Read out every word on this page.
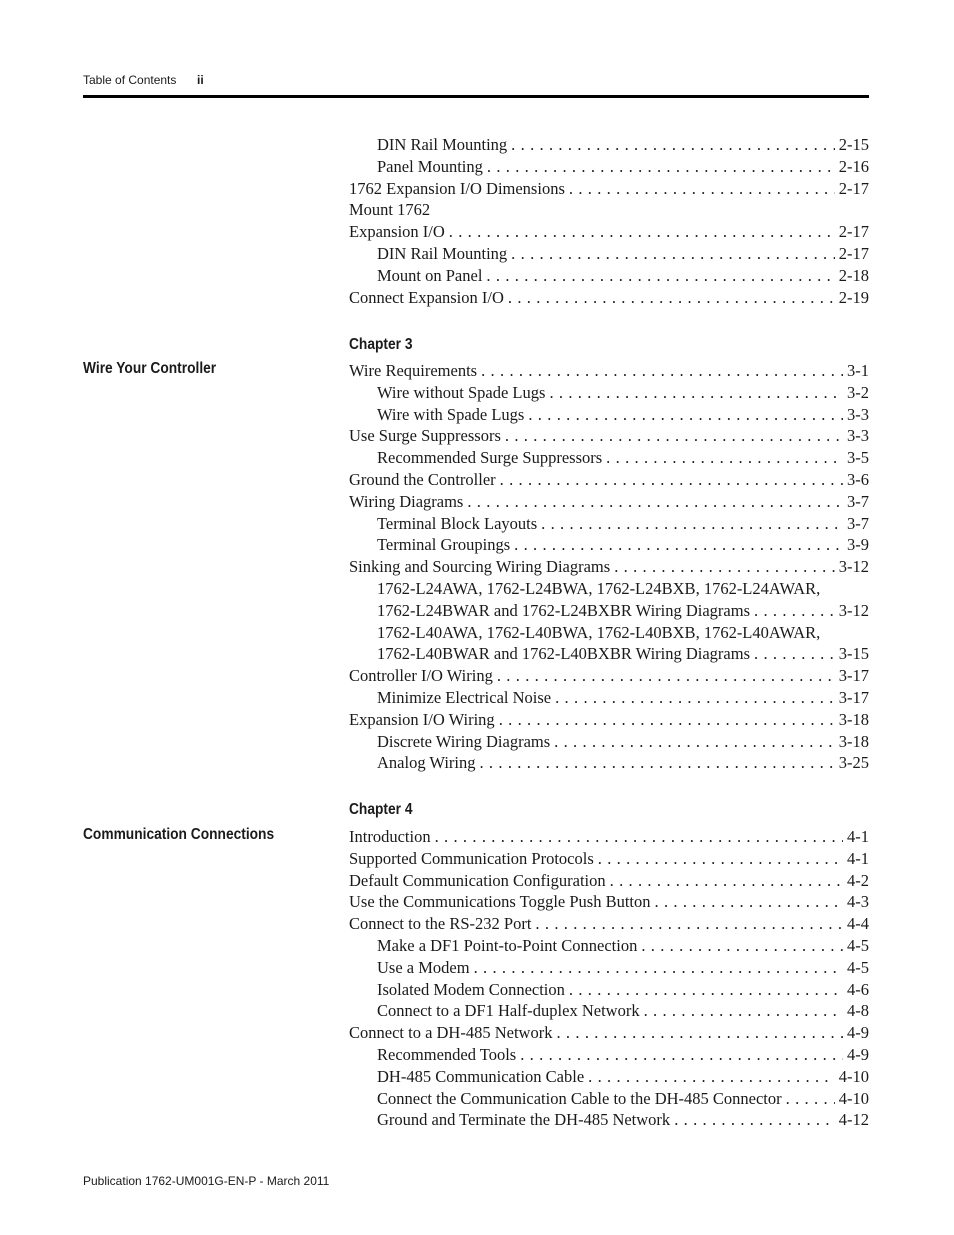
Table of Contents ii
DIN Rail Mounting . . .	2-15
Panel Mounting . . .	2-16
1762 Expansion I/O Dimensions . . .	2-17
Mount 1762
Expansion I/O . . .	2-17
DIN Rail Mounting . . .	2-17
Mount on Panel . . .	2-18
Connect Expansion I/O . . .	2-19
Chapter 3
Wire Your Controller	Wire Requirements . . .	3-1
Wire without Spade Lugs . . .	3-2
Wire with Spade Lugs . . .	3-3
Use Surge Suppressors . . .	3-3
Recommended Surge Suppressors . . .	3-5
Ground the Controller . . .	3-6
Wiring Diagrams . . .	3-7
Terminal Block Layouts . . .	3-7
Terminal Groupings . . .	3-9
Sinking and Sourcing Wiring Diagrams . . .	3-12
1762-L24AWA, 1762-L24BWA, 1762-L24BXB, 1762-L24AWAR,
1762-L24BWAR and 1762-L24BXBR Wiring Diagrams . . .	3-12
1762-L40AWA, 1762-L40BWA, 1762-L40BXB, 1762-L40AWAR,
1762-L40BWAR and 1762-L40BXBR Wiring Diagrams . . .	3-15
Controller I/O Wiring . . .	3-17
Minimize Electrical Noise . . .	3-17
Expansion I/O Wiring . . .	3-18
Discrete Wiring Diagrams . . .	3-18
Analog Wiring . . .	3-25
Chapter 4
Communication Connections	Introduction . . .	4-1
Supported Communication Protocols . . .	4-1
Default Communication Configuration . . .	4-2
Use the Communications Toggle Push Button . . .	4-3
Connect to the RS-232 Port . . .	4-4
Make a DF1 Point-to-Point Connection . . .	4-5
Use a Modem . . .	4-5
Isolated Modem Connection . . .	4-6
Connect to a DF1 Half-duplex Network . . .	4-8
Connect to a DH-485 Network . . .	4-9
Recommended Tools . . .	4-9
DH-485 Communication Cable . . .	4-10
Connect the Communication Cable to the DH-485 Connector . . .	4-10
Ground and Terminate the DH-485 Network . . .	4-12
Publication 1762-UM001G-EN-P - March 2011
